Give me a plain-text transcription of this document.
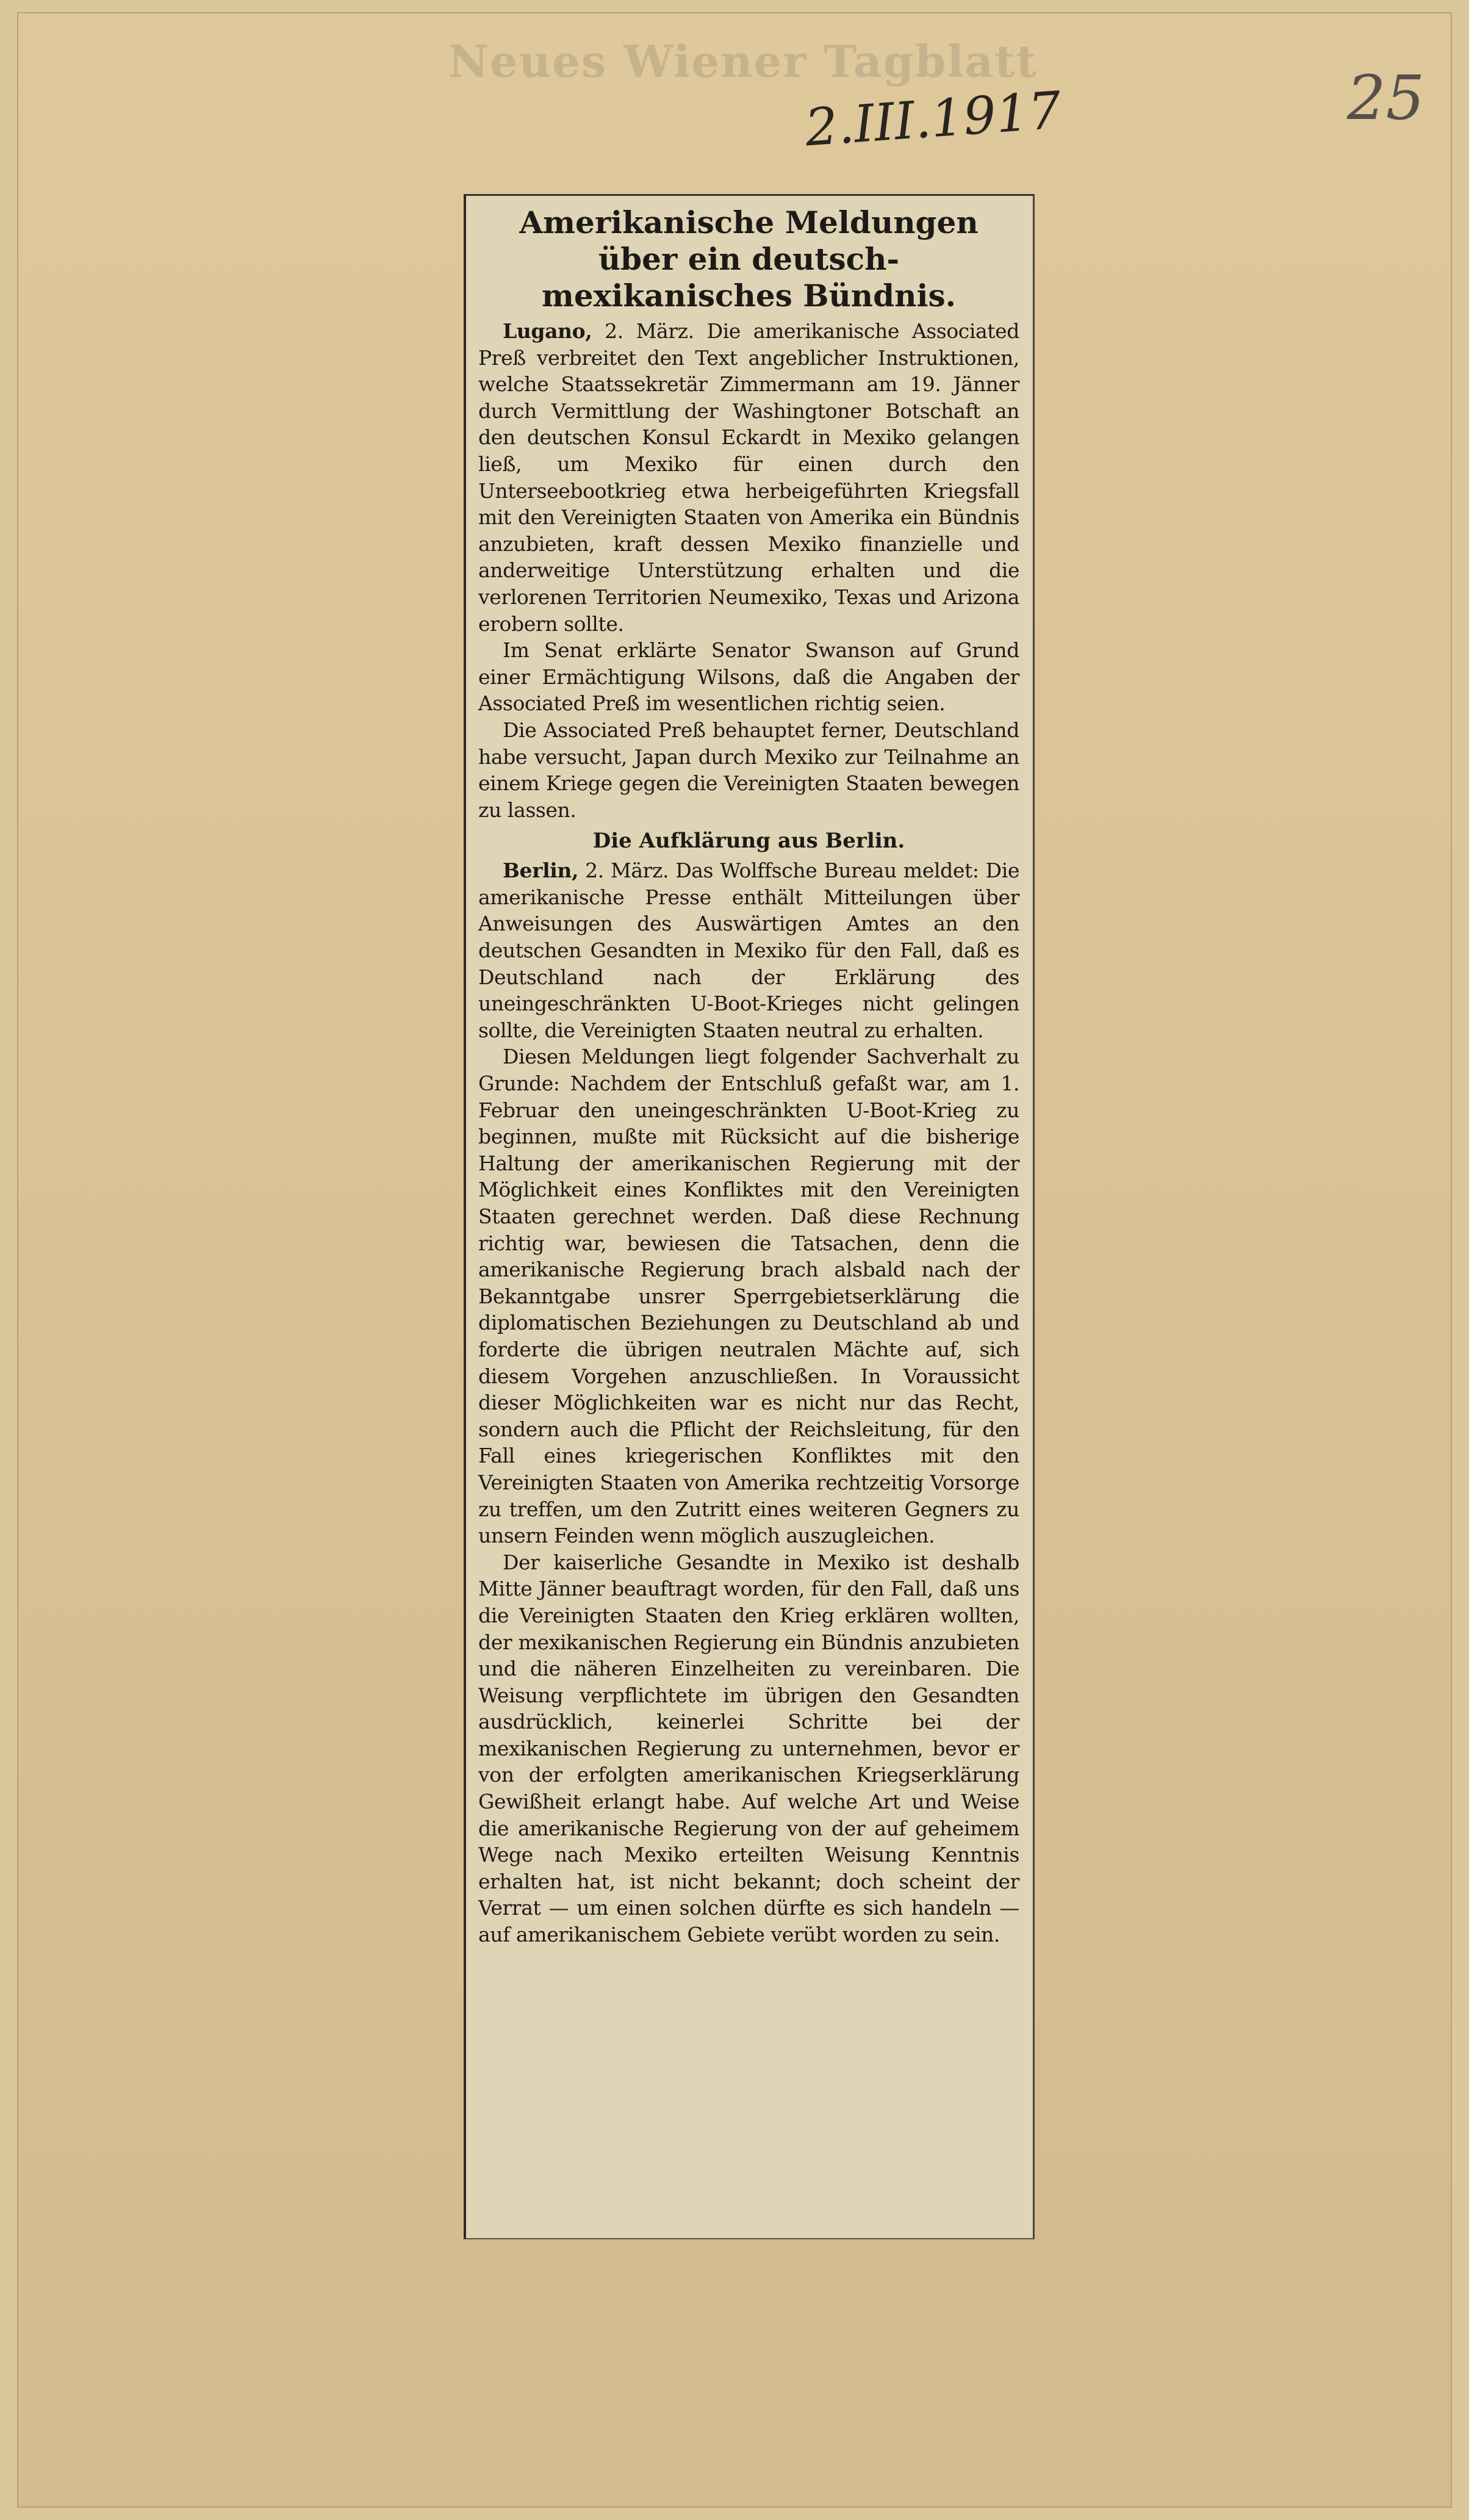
Neues Wiener Tagblatt
2.III.1917	25
Amerikanische Meldungen über ein deutsch-mexikanisches Bündnis.

Lugano, 2. März. Die amerikanische Associated Preß verbreitet den Text angeblicher Instruktionen, welche Staatssekretär Zimmermann am 19. Jänner durch Vermittlung der Washingtoner Botschaft an den deutschen Konsul Eckardt in Mexiko gelangen ließ, um Mexiko für einen durch den Unterseebootkrieg etwa herbeigeführten Kriegsfall mit den Vereinigten Staaten von Amerika ein Bündnis anzubieten, kraft dessen Mexiko finanzielle und anderweitige Unterstützung erhalten und die verlorenen Territorien Neumexiko, Texas und Arizona erobern sollte.

Im Senat erklärte Senator Swanson auf Grund einer Ermächtigung Wilsons, daß die Angaben der Associated Preß im wesentlichen richtig seien.

Die Associated Preß behauptet ferner, Deutschland habe versucht, Japan durch Mexiko zur Teilnahme an einem Kriege gegen die Vereinigten Staaten bewegen zu lassen.

Die Aufklärung aus Berlin.

Berlin, 2. März. Das Wolffsche Bureau meldet: Die amerikanische Presse enthält Mitteilungen über Anweisungen des Auswärtigen Amtes an den deutschen Gesandten in Mexiko für den Fall, daß es Deutschland nach der Erklärung des uneingeschränkten U-Boot-Krieges nicht gelingen sollte, die Vereinigten Staaten neutral zu erhalten.

Diesen Meldungen liegt folgender Sachverhalt zu Grunde: Nachdem der Entschluß gefaßt war, am 1. Februar den uneingeschränkten U-Boot-Krieg zu beginnen, mußte mit Rücksicht auf die bisherige Haltung der amerikanischen Regierung mit der Möglichkeit eines Konfliktes mit den Vereinigten Staaten gerechnet werden. Daß diese Rechnung richtig war, bewiesen die Tatsachen, denn die amerikanische Regierung brach alsbald nach der Bekanntgabe unsrer Sperrgebietserklärung die diplomatischen Beziehungen zu Deutschland ab und forderte die übrigen neutralen Mächte auf, sich diesem Vorgehen anzuschließen. In Voraussicht dieser Möglichkeiten war es nicht nur das Recht, sondern auch die Pflicht der Reichsleitung, für den Fall eines kriegerischen Konfliktes mit den Vereinigten Staaten von Amerika rechtzeitig Vorsorge zu treffen, um den Zutritt eines weiteren Gegners zu unsern Feinden wenn möglich auszugleichen.

Der kaiserliche Gesandte in Mexiko ist deshalb Mitte Jänner beauftragt worden, für den Fall, daß uns die Vereinigten Staaten den Krieg erklären wollten, der mexikanischen Regierung ein Bündnis anzubieten und die näheren Einzelheiten zu vereinbaren. Die Weisung verpflichtete im übrigen den Gesandten ausdrücklich, keinerlei Schritte bei der mexikanischen Regierung zu unternehmen, bevor er von der erfolgten amerikanischen Kriegserklärung Gewißheit erlangt habe. Auf welche Art und Weise die amerikanische Regierung von der auf geheimem Wege nach Mexiko erteilten Weisung Kenntnis erhalten hat, ist nicht bekannt; doch scheint der Verrat — um einen solchen dürfte es sich handeln — auf amerikanischem Gebiete verübt worden zu sein.
